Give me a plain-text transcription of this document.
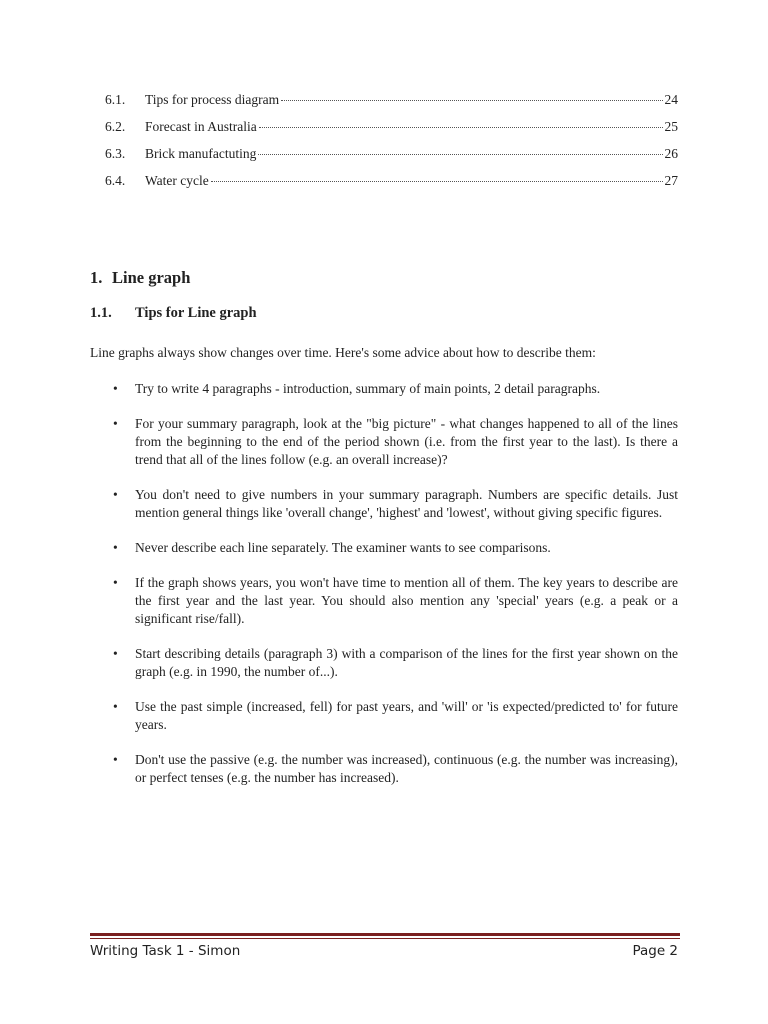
6.1.	Tips for process diagram	24
6.2.	Forecast in Australia	25
6.3.	Brick manufactuting	26
6.4.	Water cycle	27
1. Line graph
1.1. Tips for Line graph
Line graphs always show changes over time. Here's some advice about how to describe them:
• Try to write 4 paragraphs - introduction, summary of main points, 2 detail paragraphs.
• For your summary paragraph, look at the "big picture" - what changes happened to all of the lines from the beginning to the end of the period shown (i.e. from the first year to the last). Is there a trend that all of the lines follow (e.g. an overall increase)?
• You don't need to give numbers in your summary paragraph. Numbers are specific details. Just mention general things like 'overall change', 'highest' and 'lowest', without giving specific figures.
• Never describe each line separately. The examiner wants to see comparisons.
• If the graph shows years, you won't have time to mention all of them. The key years to describe are the first year and the last year. You should also mention any 'special' years (e.g. a peak or a significant rise/fall).
• Start describing details (paragraph 3) with a comparison of the lines for the first year shown on the graph (e.g. in 1990, the number of...).
• Use the past simple (increased, fell) for past years, and 'will' or 'is expected/predicted to' for future years.
• Don't use the passive (e.g. the number was increased), continuous (e.g. the number was increasing), or perfect tenses (e.g. the number has increased).
Writing Task 1 - Simon	Page 2
